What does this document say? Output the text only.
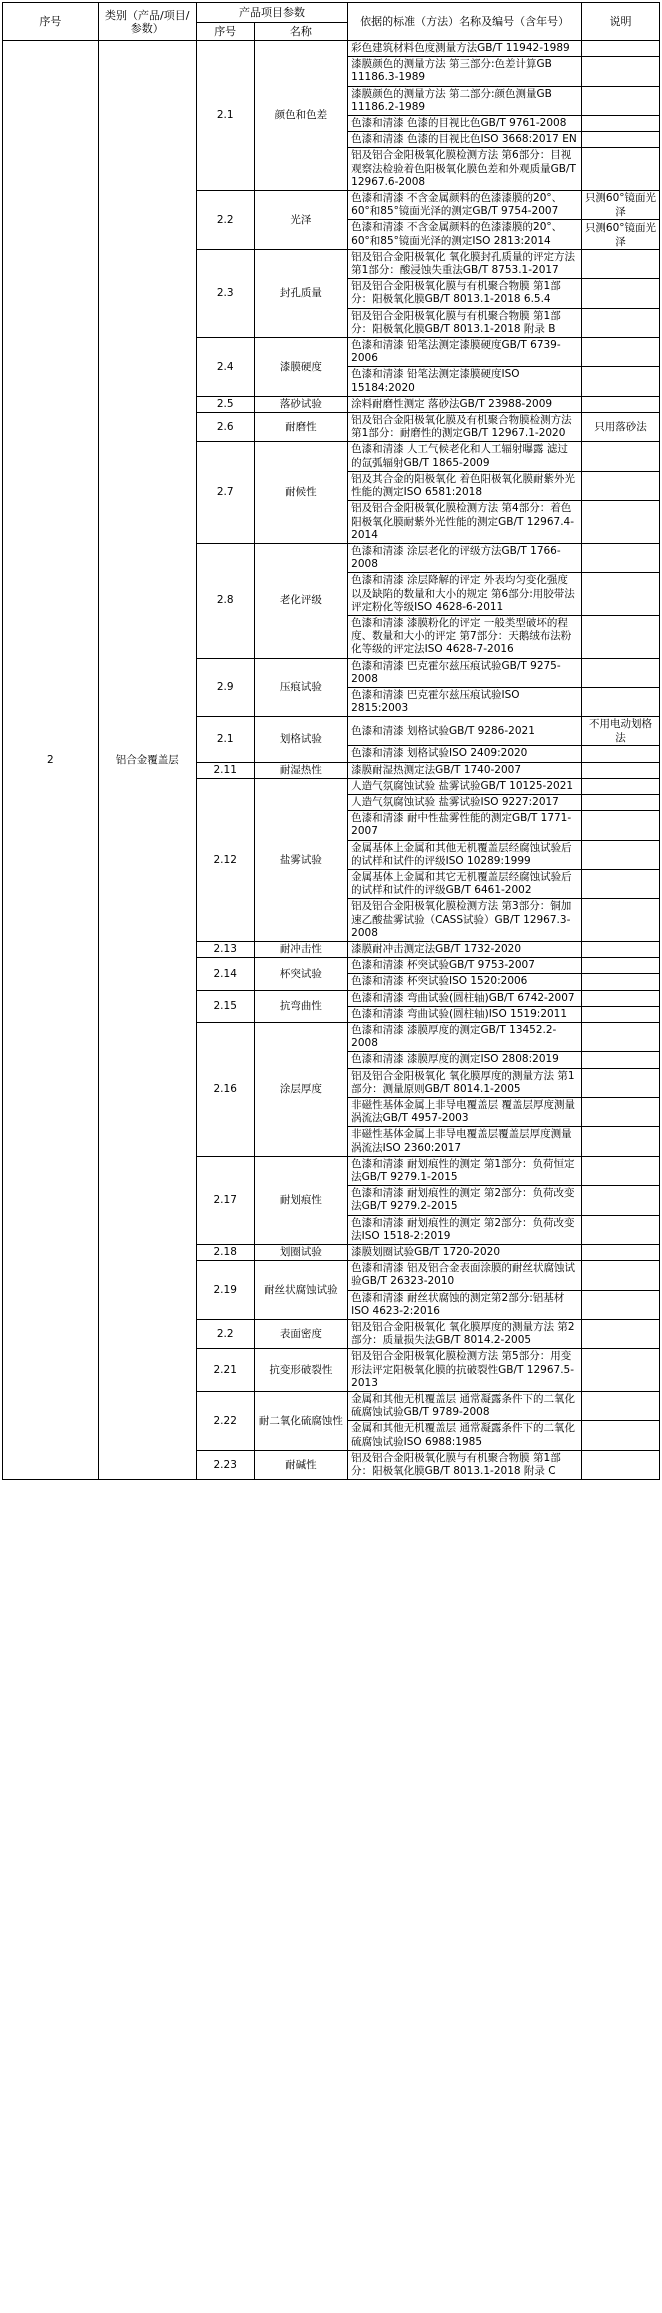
序号	类别（产品/项目/参数）	产品项目参数		依据的标准（方法）名称及编号（含年号）	说明
		序号	名称		
2	铝合金覆盖层	2.1	颜色和色差	彩色建筑材料色度测量方法GB/T 11942-1989	
				漆膜颜色的测量方法 第三部分:色差计算GB 11186.3-1989	
				漆膜颜色的测量方法 第二部分:颜色测量GB 11186.2-1989	
				色漆和清漆 色漆的目视比色GB/T 9761-2008	
				色漆和清漆 色漆的目视比色ISO 3668:2017 EN	
				铝及铝合金阳极氧化膜检测方法 第6部分：目视观察法检验着色阳极氧化膜色差和外观质量GB/T 12967.6-2008	
		2.2	光泽	色漆和清漆 不含金属颜料的色漆漆膜的20°、60°和85°镜面光泽的测定GB/T 9754-2007	只测60°镜面光泽
				色漆和清漆 不含金属颜料的色漆漆膜的20°、60°和85°镜面光泽的测定ISO 2813:2014	只测60°镜面光泽
		2.3	封孔质量	铝及铝合金阳极氧化 氧化膜封孔质量的评定方法 第1部分：酸浸蚀失重法GB/T 8753.1-2017	
				铝及铝合金阳极氧化膜与有机聚合物膜 第1部分：阳极氧化膜GB/T 8013.1-2018 6.5.4	
				铝及铝合金阳极氧化膜与有机聚合物膜 第1部分：阳极氧化膜GB/T 8013.1-2018 附录 B	
		2.4	漆膜硬度	色漆和清漆 铅笔法测定漆膜硬度GB/T 6739-2006	
				色漆和清漆 铅笔法测定漆膜硬度ISO 15184:2020	
		2.5	落砂试验	涂料耐磨性测定 落砂法GB/T 23988-2009	
		2.6	耐磨性	铝及铝合金阳极氧化膜及有机聚合物膜检测方法 第1部分：耐磨性的测定GB/T 12967.1-2020	只用落砂法
		2.7	耐候性	色漆和清漆 人工气候老化和人工辐射曝露 滤过的氙弧辐射GB/T 1865-2009	
				铝及其合金的阳极氧化 着色阳极氧化膜耐紫外光性能的测定ISO 6581:2018	
				铝及铝合金阳极氧化膜检测方法 第4部分：着色阳极氧化膜耐紫外光性能的测定GB/T 12967.4-2014	
		2.8	老化评级	色漆和清漆 涂层老化的评级方法GB/T 1766-2008	
				色漆和清漆 涂层降解的评定 外表均匀变化强度以及缺陷的数量和大小的规定 第6部分:用胶带法评定粉化等级ISO 4628-6-2011	
				色漆和清漆 漆膜粉化的评定 一般类型破坏的程度、数量和大小的评定 第7部分：天鹅绒布法粉化等级的评定法ISO 4628-7-2016	
		2.9	压痕试验	色漆和清漆 巴克霍尔兹压痕试验GB/T 9275-2008	
				色漆和清漆 巴克霍尔兹压痕试验ISO 2815:2003	
		2.1	划格试验	色漆和清漆 划格试验GB/T 9286-2021	不用电动划格法
				色漆和清漆 划格试验ISO 2409:2020	
		2.11	耐湿热性	漆膜耐湿热测定法GB/T 1740-2007	
		2.12	盐雾试验	人造气氛腐蚀试验 盐雾试验GB/T 10125-2021	
				人造气氛腐蚀试验 盐雾试验ISO 9227:2017	
				色漆和清漆 耐中性盐雾性能的测定GB/T 1771-2007	
				金属基体上金属和其他无机覆盖层经腐蚀试验后的试样和试件的评级ISO 10289:1999	
				金属基体上金属和其它无机覆盖层经腐蚀试验后的试样和试件的评级GB/T 6461-2002	
				铝及铝合金阳极氧化膜检测方法 第3部分：铜加速乙酸盐雾试验（CASS试验）GB/T 12967.3-2008	
		2.13	耐冲击性	漆膜耐冲击测定法GB/T 1732-2020	
		2.14	杯突试验	色漆和清漆 杯突试验GB/T 9753-2007	
				色漆和清漆 杯突试验ISO 1520:2006	
		2.15	抗弯曲性	色漆和清漆 弯曲试验(圆柱轴)GB/T 6742-2007	
				色漆和清漆 弯曲试验(圆柱轴)ISO 1519:2011	
		2.16	涂层厚度	色漆和清漆 漆膜厚度的测定GB/T 13452.2-2008	
				色漆和清漆 漆膜厚度的测定ISO 2808:2019	
				铝及铝合金阳极氧化 氧化膜厚度的测量方法 第1部分：测量原则GB/T 8014.1-2005	
				非磁性基体金属上非导电覆盖层 覆盖层厚度测量 涡流法GB/T 4957-2003	
				非磁性基体金属上非导电覆盖层覆盖层厚度测量 涡流法ISO 2360:2017	
		2.17	耐划痕性	色漆和清漆 耐划痕性的测定 第1部分：负荷恒定法GB/T 9279.1-2015	
				色漆和清漆 耐划痕性的测定 第2部分：负荷改变法GB/T 9279.2-2015	
				色漆和清漆 耐划痕性的测定 第2部分：负荷改变法ISO 1518-2:2019	
		2.18	划圈试验	漆膜划圈试验GB/T 1720-2020	
		2.19	耐丝状腐蚀试验	色漆和清漆 铝及铝合金表面涂膜的耐丝状腐蚀试验GB/T 26323-2010	
				色漆和清漆 耐丝状腐蚀的测定第2部分:铝基材ISO 4623-2:2016	
		2.2	表面密度	铝及铝合金阳极氧化 氧化膜厚度的测量方法 第2部分：质量损失法GB/T 8014.2-2005	
		2.21	抗变形破裂性	铝及铝合金阳极氧化膜检测方法 第5部分：用变形法评定阳极氧化膜的抗破裂性GB/T 12967.5-2013	
		2.22	耐二氧化硫腐蚀性	金属和其他无机覆盖层 通常凝露条件下的二氧化硫腐蚀试验GB/T 9789-2008	
				金属和其他无机覆盖层 通常凝露条件下的二氧化硫腐蚀试验ISO 6988:1985	
		2.23	耐碱性	铝及铝合金阳极氧化膜与有机聚合物膜 第1部分：阳极氧化膜GB/T 8013.1-2018 附录 C	
